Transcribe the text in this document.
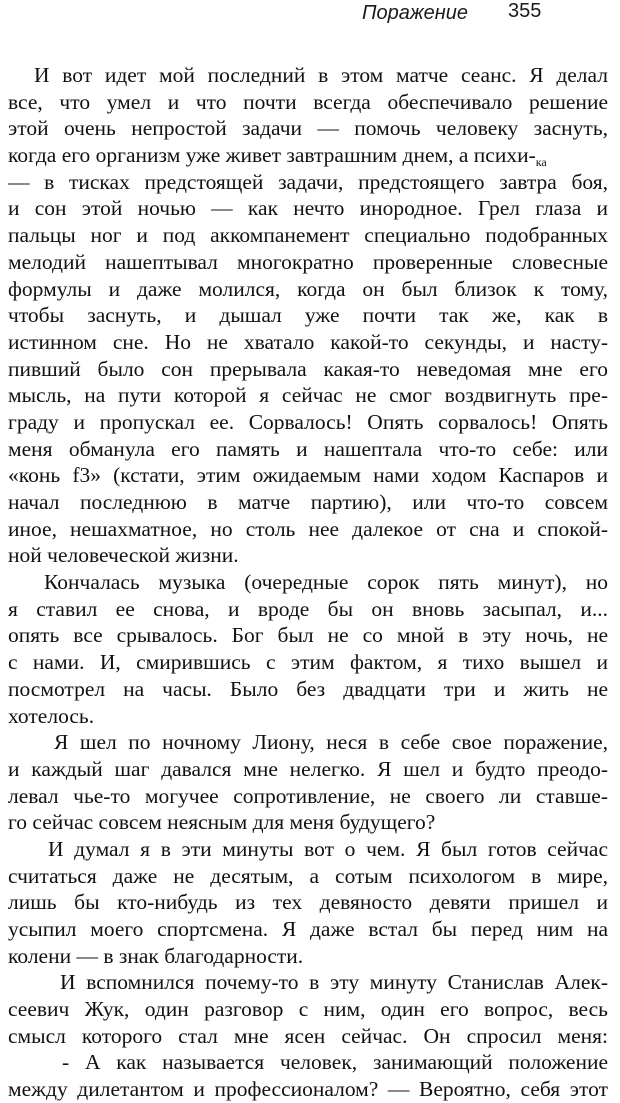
Поражение 355
И вот идет мой последний в этом матче сеанс. Я делал
все, что умел и что почти всегда обеспечивало решение
этой очень непростой задачи — помочь человеку заснуть,
когда его организм уже живет завтрашним днем, а психи-$_{ка}$
— в тисках предстоящей задачи, предстоящего завтра боя,
и сон этой ночью — как нечто инородное. Грел глаза и
пальцы ног и под аккомпанемент специально подобранных
мелодий нашептывал многократно проверенные словесные
формулы и даже молился, когда он был близок к тому,
чтобы заснуть, и дышал уже почти так же, как в
истинном сне. Но не хватало какой-то секунды, и насту-
пивший было сон прерывала какая-то неведомая мне его
мысль, на пути которой я сейчас не смог воздвигнуть пре-
граду и пропускал ее. Сорвалось! Опять сорвалось! Опять
меня обманула его память и нашептала что-то себе: или
«конь f3» (кстати, этим ожидаемым нами ходом Каспаров и
начал последнюю в матче партию), или что-то совсем
иное, нешахматное, но столь нее далекое от сна и спокой-
ной человеческой жизни.
Кончалась музыка (очередные сорок пять минут), но
я ставил ее снова, и вроде бы он вновь засыпал, и...
опять все срывалось. Бог был не со мной в эту ночь, не
с нами. И, смирившись с этим фактом, я тихо вышел и
посмотрел на часы. Было без двадцати три и жить не
хотелось.
Я шел по ночному Лиону, неся в себе свое поражение,
и каждый шаг давался мне нелегко. Я шел и будто преодо-
левал чье-то могучее сопротивление, не своего ли ставше-
го сейчас совсем неясным для меня будущего?
И думал я в эти минуты вот о чем. Я был готов сейчас
считаться даже не десятым, а сотым психологом в мире,
лишь бы кто-нибудь из тех девяносто девяти пришел и
усыпил моего спортсмена. Я даже встал бы перед ним на
колени — в знак благодарности.
И вспомнился почему-то в эту минуту Станислав Алек-
сеевич Жук, один разговор с ним, один его вопрос, весь
смысл которого стал мне ясен сейчас. Он спросил меня:
- А как называется человек, занимающий положение
между дилетантом и профессионалом? — Вероятно, себя этот
